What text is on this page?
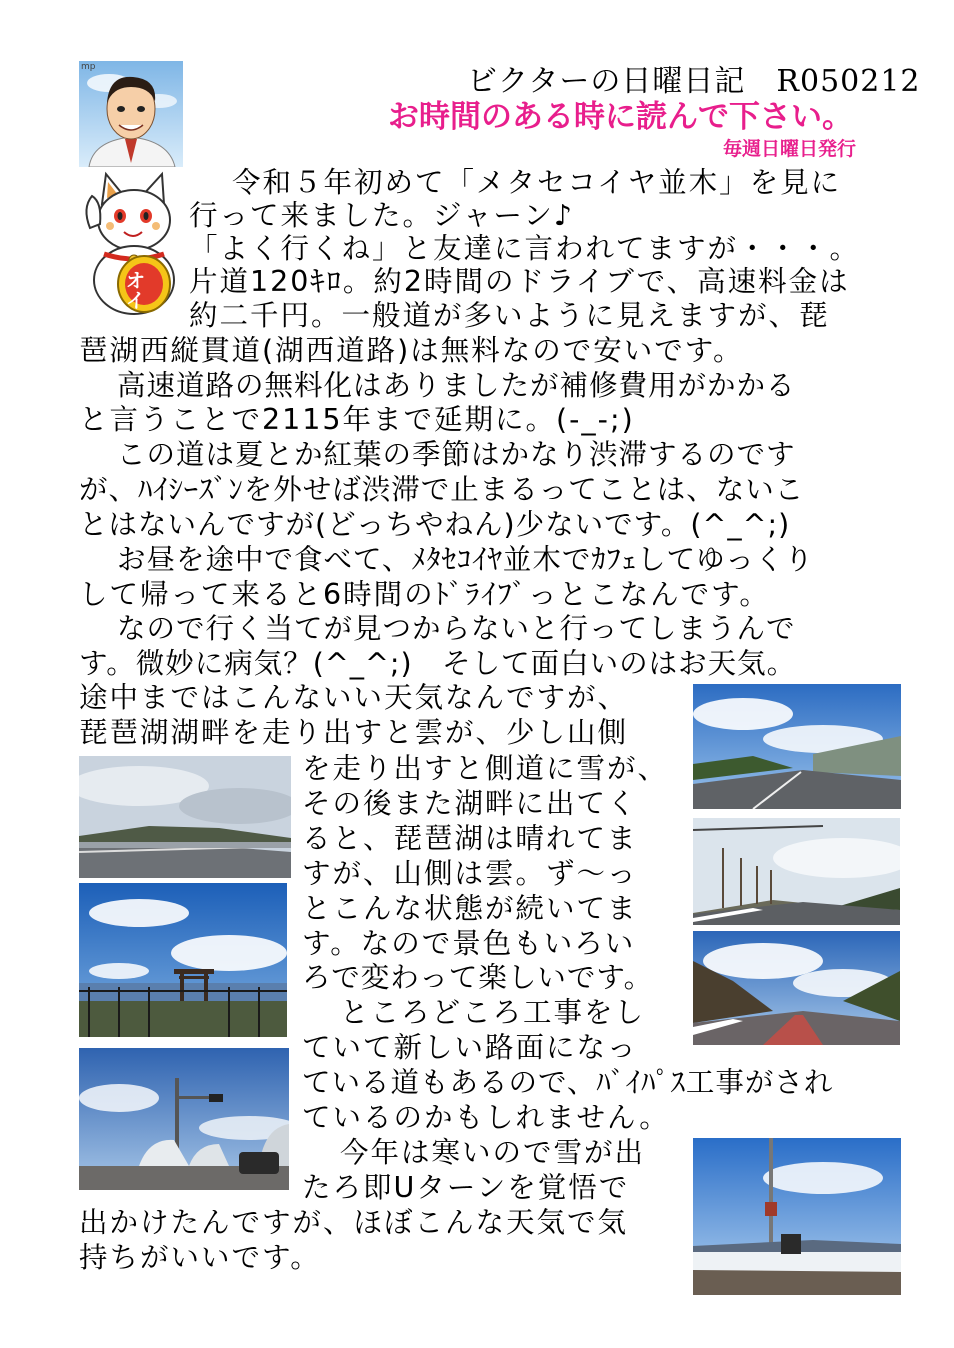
ビクターの日曜日記　R050212
お時間のある時に読んで下さい。
毎週日曜日発行
mp
オイ
令和５年初めて「メタセコイヤ並木」を見に
行って来ました。ジャーン♪
「よく行くね」と友達に言われてますが・・・。
片道120ｷﾛ。約2時間のドライブで、高速料金は
約二千円。一般道が多いように見えますが、琵
琶湖西縦貫道(湖西道路)は無料なので安いです。
高速道路の無料化はありましたが補修費用がかかる
と言うことで2115年まで延期に。(-_-;)
この道は夏とか紅葉の季節はかなり渋滞するのです
が、ﾊｲｼｰｽﾞﾝを外せば渋滞で止まるってことは、ないこ
とはないんですが(どっちやねん)少ないです。(^_^;)
お昼を途中で食べて、ﾒﾀｾｺｲﾔ並木でｶﾌｪしてゆっくり
して帰って来ると6時間のﾄﾞﾗｲﾌﾞっとこなんです。
なので行く当てが見つからないと行ってしまうんで
す。微妙に病気？(^_^;)　そして面白いのはお天気。
途中まではこんないい天気なんですが、
琵琶湖湖畔を走り出すと雲が、少し山側
を走り出すと側道に雪が、
その後また湖畔に出てく
ると、琵琶湖は晴れてま
すが、山側は雲。ず～っ
とこんな状態が続いてま
す。なので景色もいろい
ろで変わって楽しいです。
ところどころ工事をし
ていて新しい路面になっ
ている道もあるので、ﾊﾞｲﾊﾟｽ工事がされ
ているのかもしれません。
今年は寒いので雪が出
たろ即Uターンを覚悟で
出かけたんですが、ほぼこんな天気で気
持ちがいいです。
